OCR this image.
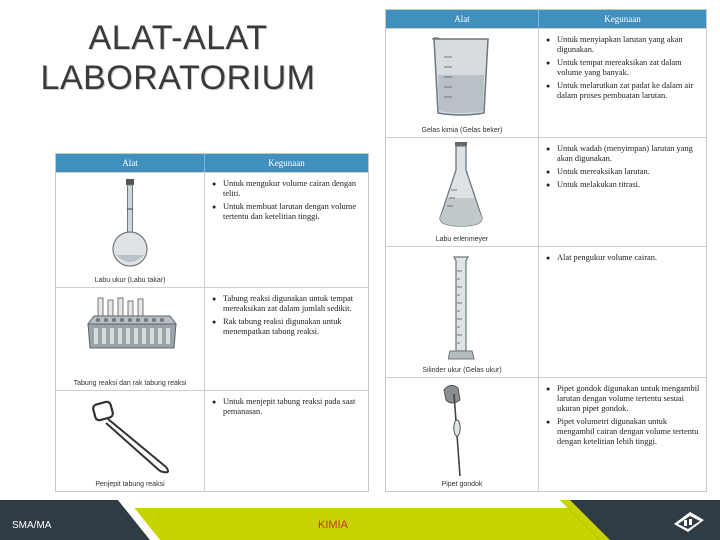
ALAT-ALAT
LABORATORIUM
Alat	Kegunaan
Labu ukur (Labu takar)
● Untuk mengukur volume cairan dengan teliti.
● Untuk membuat larutan dengan volume tertentu dan ketelitian tinggi.
Tabung reaksi dan rak tabung reaksi
● Tabung reaksi digunakan untuk tempat mereaksikan zat dalam jumlah sedikit.
● Rak tabung reaksi digunakan untuk menempatkan tabung reaksi.
Penjepit tabung reaksi
● Untuk menjepit tabung reaksi pada saat pemanasan.
Alat	Kegunaan
Gelas kimia (Gelas beker)
● Untuk menyiapkan larutan yang akan digunakan.
● Untuk tempat mereaksikan zat dalam volume yang banyak.
● Untuk melarutkan zat padat ke dalam air dalam proses pembuatan larutan.
Labu erlenmeyer
● Untuk wadah (menyimpan) larutan yang akan digunakan.
● Untuk mereaksikan larutan.
● Untuk melakukan titrasi.
Silinder ukur (Gelas ukur)
● Alat pengukur volume cairan.
Pipet gondok
● Pipet gondok digunakan untuk mengambil larutan dengan volume tertentu sesuai ukuran pipet gondok.
● Pipet volumetri digunakan untuk mengambil cairan dengan volume tertentu dengan ketelitian lebih tinggi.
SMA/MA	KIMIA
